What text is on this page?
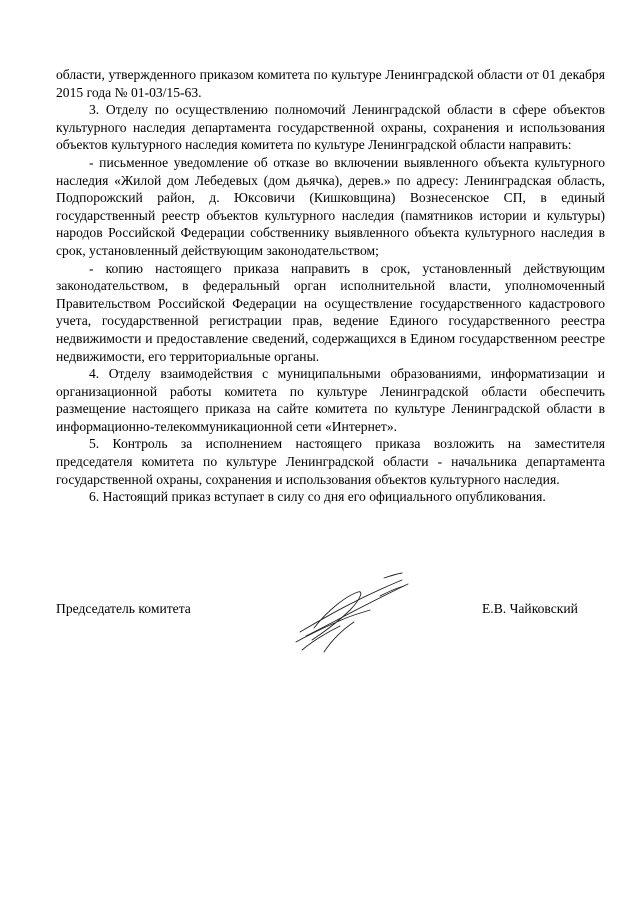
области, утвержденного приказом комитета по культуре Ленинградской области от 01 декабря 2015 года № 01-03/15-63.

3. Отделу по осуществлению полномочий Ленинградской области в сфере объектов культурного наследия департамента государственной охраны, сохранения и использования объектов культурного наследия комитета по культуре Ленинградской области направить:

- письменное уведомление об отказе во включении выявленного объекта культурного наследия «Жилой дом Лебедевых (дом дьячка), дерев.» по адресу: Ленинградская область, Подпорожский район, д. Юксовичи (Кишковщина) Вознесенское СП, в единый государственный реестр объектов культурного наследия (памятников истории и культуры) народов Российской Федерации собственнику выявленного объекта культурного наследия в срок, установленный действующим законодательством;

- копию настоящего приказа направить в срок, установленный действующим законодательством, в федеральный орган исполнительной власти, уполномоченный Правительством Российской Федерации на осуществление государственного кадастрового учета, государственной регистрации прав, ведение Единого государственного реестра недвижимости и предоставление сведений, содержащихся в Едином государственном реестре недвижимости, его территориальные органы.

4. Отделу взаимодействия с муниципальными образованиями, информатизации и организационной работы комитета по культуре Ленинградской области обеспечить размещение настоящего приказа на сайте комитета по культуре Ленинградской области в информационно-телекоммуникационной сети «Интернет».

5. Контроль за исполнением настоящего приказа возложить на заместителя председателя комитета по культуре Ленинградской области - начальника департамента государственной охраны, сохранения и использования объектов культурного наследия.

6. Настоящий приказ вступает в силу со дня его официального опубликования.

Председатель комитета	Е.В. Чайковский
